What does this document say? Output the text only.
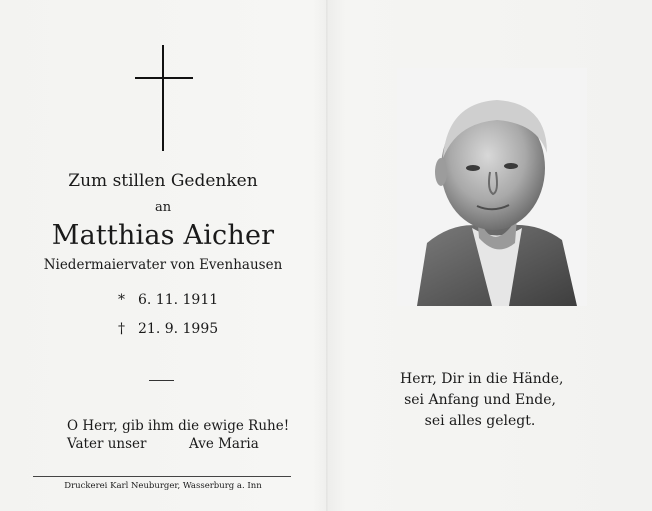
Zum stillen Gedenken
an
Matthias Aicher
Niedermaiervater von Evenhausen
* 6. 11. 1911
† 21. 9. 1995
O Herr, gib ihm die ewige Ruhe!
Vater unser	Ave Maria
Druckerei Karl Neuburger, Wasserburg a. Inn
Herr, Dir in die Hände,
sei Anfang und Ende,
sei alles gelegt.
